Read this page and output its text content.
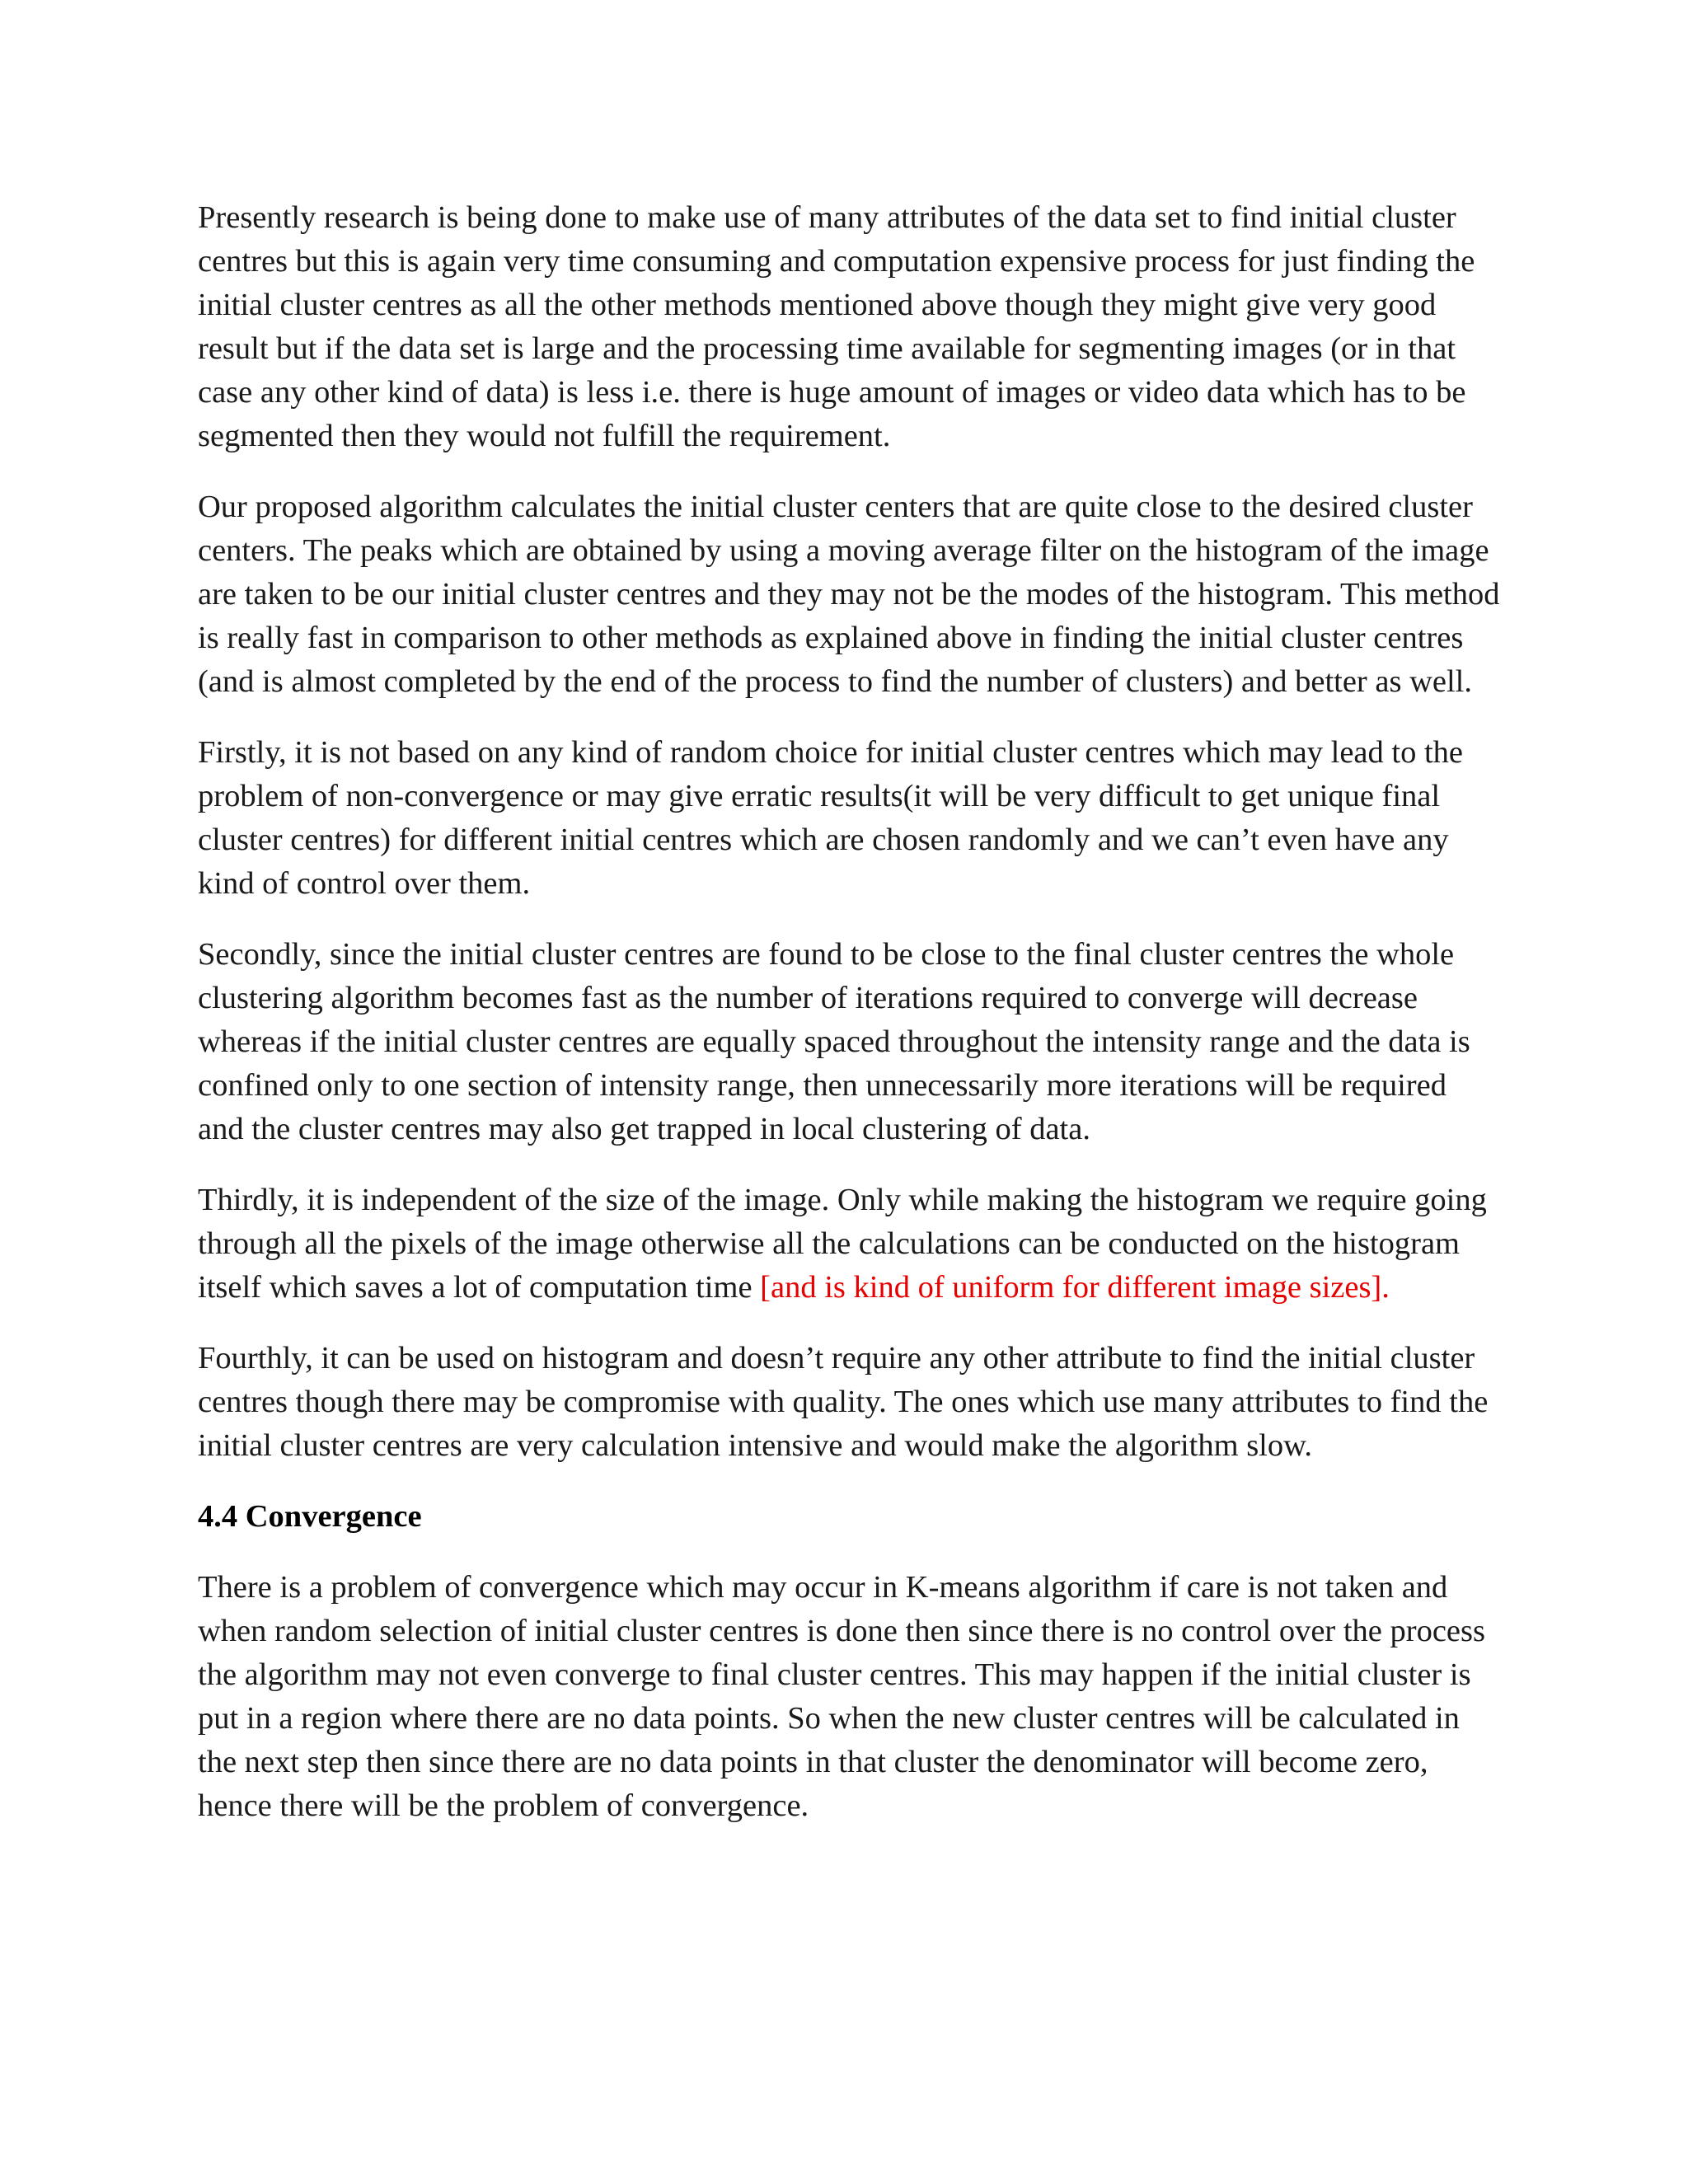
Presently research is being done to make use of many attributes of the data set to find initial cluster centres but this is again very time consuming and computation expensive process for just finding the initial cluster centres as all the other methods mentioned above though they might give very good result but if the data set is large and the processing time available for segmenting images (or in that case any other kind of data) is less i.e. there is huge amount of images or video data which has to be segmented then they would not fulfill the requirement.

Our proposed algorithm calculates the initial cluster centers that are quite close to the desired cluster centers. The peaks which are obtained by using a moving average filter on the histogram of the image are taken to be our initial cluster centres and they may not be the modes of the histogram. This method is really fast in comparison to other methods as explained above in finding the initial cluster centres (and is almost completed by the end of the process to find the number of clusters) and better as well.

Firstly, it is not based on any kind of random choice for initial cluster centres which may lead to the problem of non-convergence or may give erratic results(it will be very difficult to get unique final cluster centres) for different initial centres which are chosen randomly and we can’t even have any kind of control over them.

Secondly, since the initial cluster centres are found to be close to the final cluster centres the whole clustering algorithm becomes fast as the number of iterations required to converge will decrease whereas if the initial cluster centres are equally spaced throughout the intensity range and the data is confined only to one section of intensity range, then unnecessarily more iterations will be required and the cluster centres may also get trapped in local clustering of data.

Thirdly, it is independent of the size of the image. Only while making the histogram we require going through all the pixels of the image otherwise all the calculations can be conducted on the histogram itself which saves a lot of computation time [and is kind of uniform for different image sizes].

Fourthly, it can be used on histogram and doesn’t require any other attribute to find the initial cluster centres though there may be compromise with quality. The ones which use many attributes to find the initial cluster centres are very calculation intensive and would make the algorithm slow.

4.4 Convergence

There is a problem of convergence which may occur in K-means algorithm if care is not taken and when random selection of initial cluster centres is done then since there is no control over the process the algorithm may not even converge to final cluster centres. This may happen if the initial cluster is put in a region where there are no data points. So when the new cluster centres will be calculated in the next step then since there are no data points in that cluster the denominator will become zero, hence there will be the problem of convergence.
